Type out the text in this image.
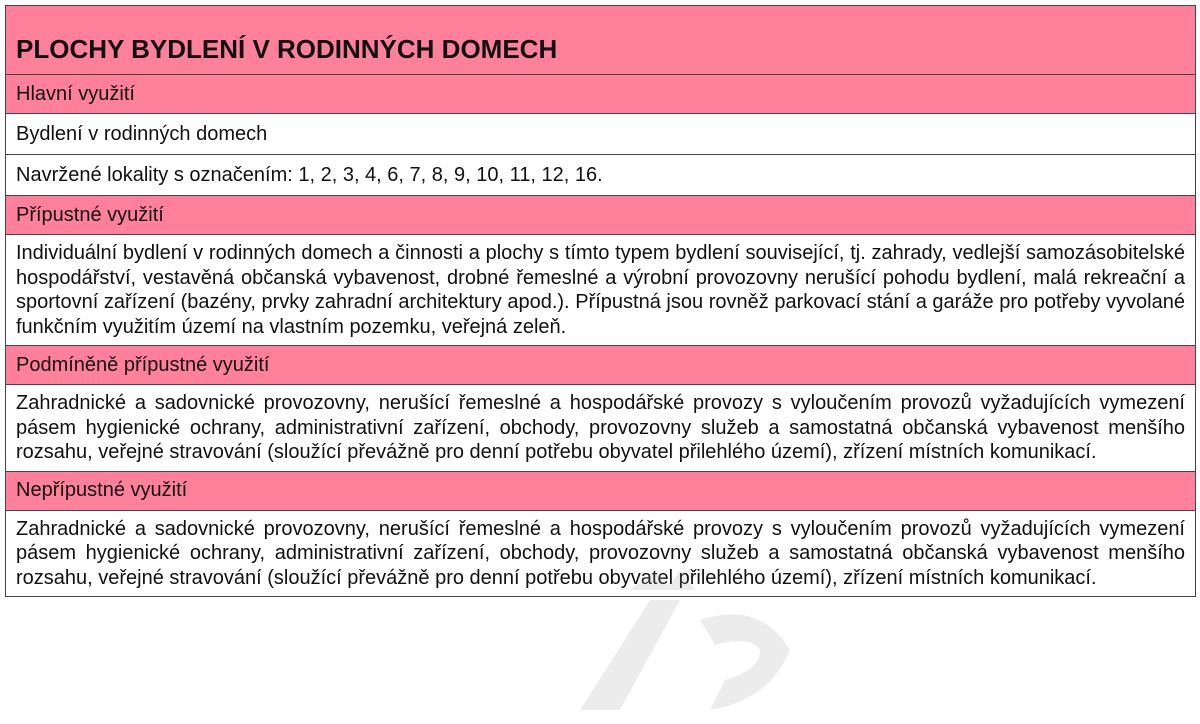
PLOCHY BYDLENÍ V RODINNÝCH DOMECH
Hlavní využití
Bydlení v rodinných domech
Navržené lokality s označením: 1, 2, 3, 4, 6, 7, 8, 9, 10, 11, 12, 16.
Přípustné využití

Individuální bydlení v rodinných domech a činnosti a plochy s tímto typem bydlení související, tj. zahrady, vedlejší samozásobitelské hospodářství, vestavěná občanská vybavenost, drobné řemeslné a výrobní provozovny nerušící pohodu bydlení, malá rekreační a sportovní zařízení (bazény, prvky zahradní architektury apod.). Přípustná jsou rovněž parkovací stání a garáže pro potřeby vyvolané funkčním využitím území na vlastním pozemku, veřejná zeleň.

Podmíněně přípustné využití

Zahradnické a sadovnické provozovny, nerušící řemeslné a hospodářské provozy s vyloučením provozů vyžadujících vymezení pásem hygienické ochrany, administrativní zařízení, obchody, provozovny služeb a samostatná občanská vybavenost menšího rozsahu, veřejné stravování (sloužící převážně pro denní potřebu obyvatel přilehlého území), zřízení místních komunikací.

Nepřípustné využití

Zahradnické a sadovnické provozovny, nerušící řemeslné a hospodářské provozy s vyloučením provozů vyžadujících vymezení pásem hygienické ochrany, administrativní zařízení, obchody, provozovny služeb a samostatná občanská vybavenost menšího rozsahu, veřejné stravování (sloužící převážně pro denní potřebu obyvatel přilehlého území), zřízení místních komunikací.
